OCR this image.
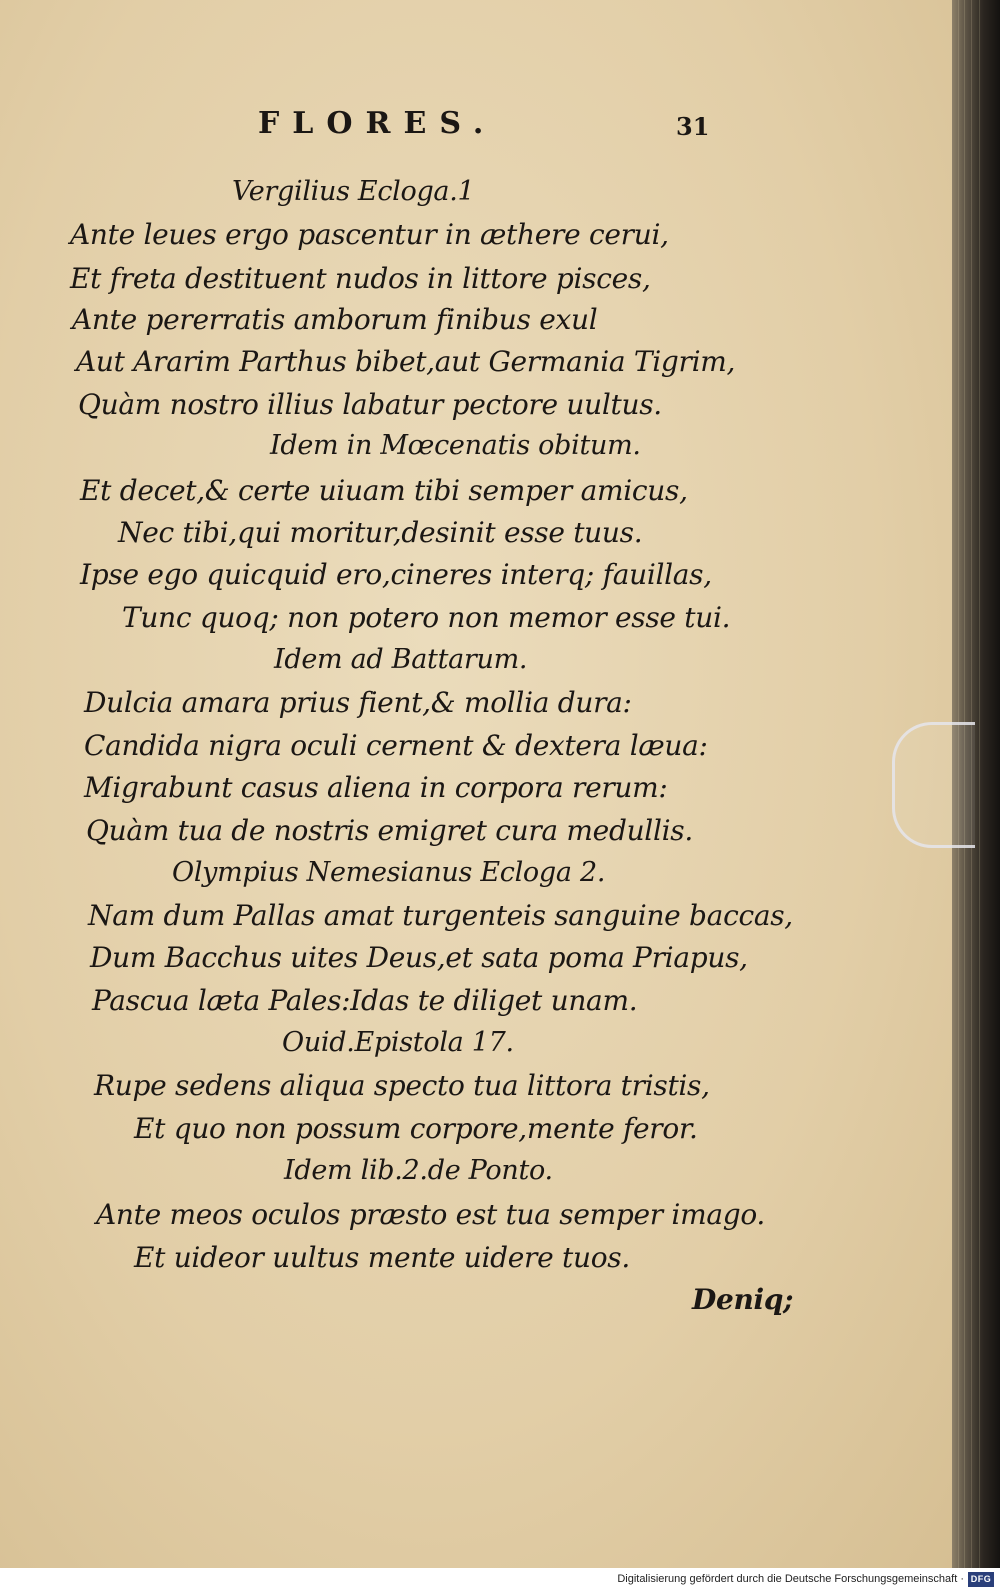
FLORES.	31
Vergilius Ecloga.1
Ante leues ergo pascentur in æthere cerui,
Et freta destituent nudos in littore pisces,
Ante pererratis amborum finibus exul
Aut Ararim Parthus bibet,aut Germania Tigrim,
Quàm nostro illius labatur pectore uultus.
Idem in Mœcenatis obitum.
Et decet,& certe uiuam tibi semper amicus,
Nec tibi,qui moritur,desinit esse tuus.
Ipse ego quicquid ero,cineres interq; fauillas,
Tunc quoq; non potero non memor esse tui.
Idem ad Battarum.
Dulcia amara prius fient,& mollia dura:
Candida nigra oculi cernent & dextera læua:
Migrabunt casus aliena in corpora rerum:
Quàm tua de nostris emigret cura medullis.
Olympius Nemesianus Ecloga 2.
Nam dum Pallas amat turgenteis sanguine baccas,
Dum Bacchus uites Deus,et sata poma Priapus,
Pascua læta Pales:Idas te diliget unam.
Ouid.Epistola 17.
Rupe sedens aliqua specto tua littora tristis,
Et quo non possum corpore,mente feror.
Idem lib.2.de Ponto.
Ante meos oculos præsto est tua semper imago.
Et uideor uultus mente uidere tuos.
Deniq;
Digitalisierung gefördert durch die Deutsche Forschungsgemeinschaft · DFG
